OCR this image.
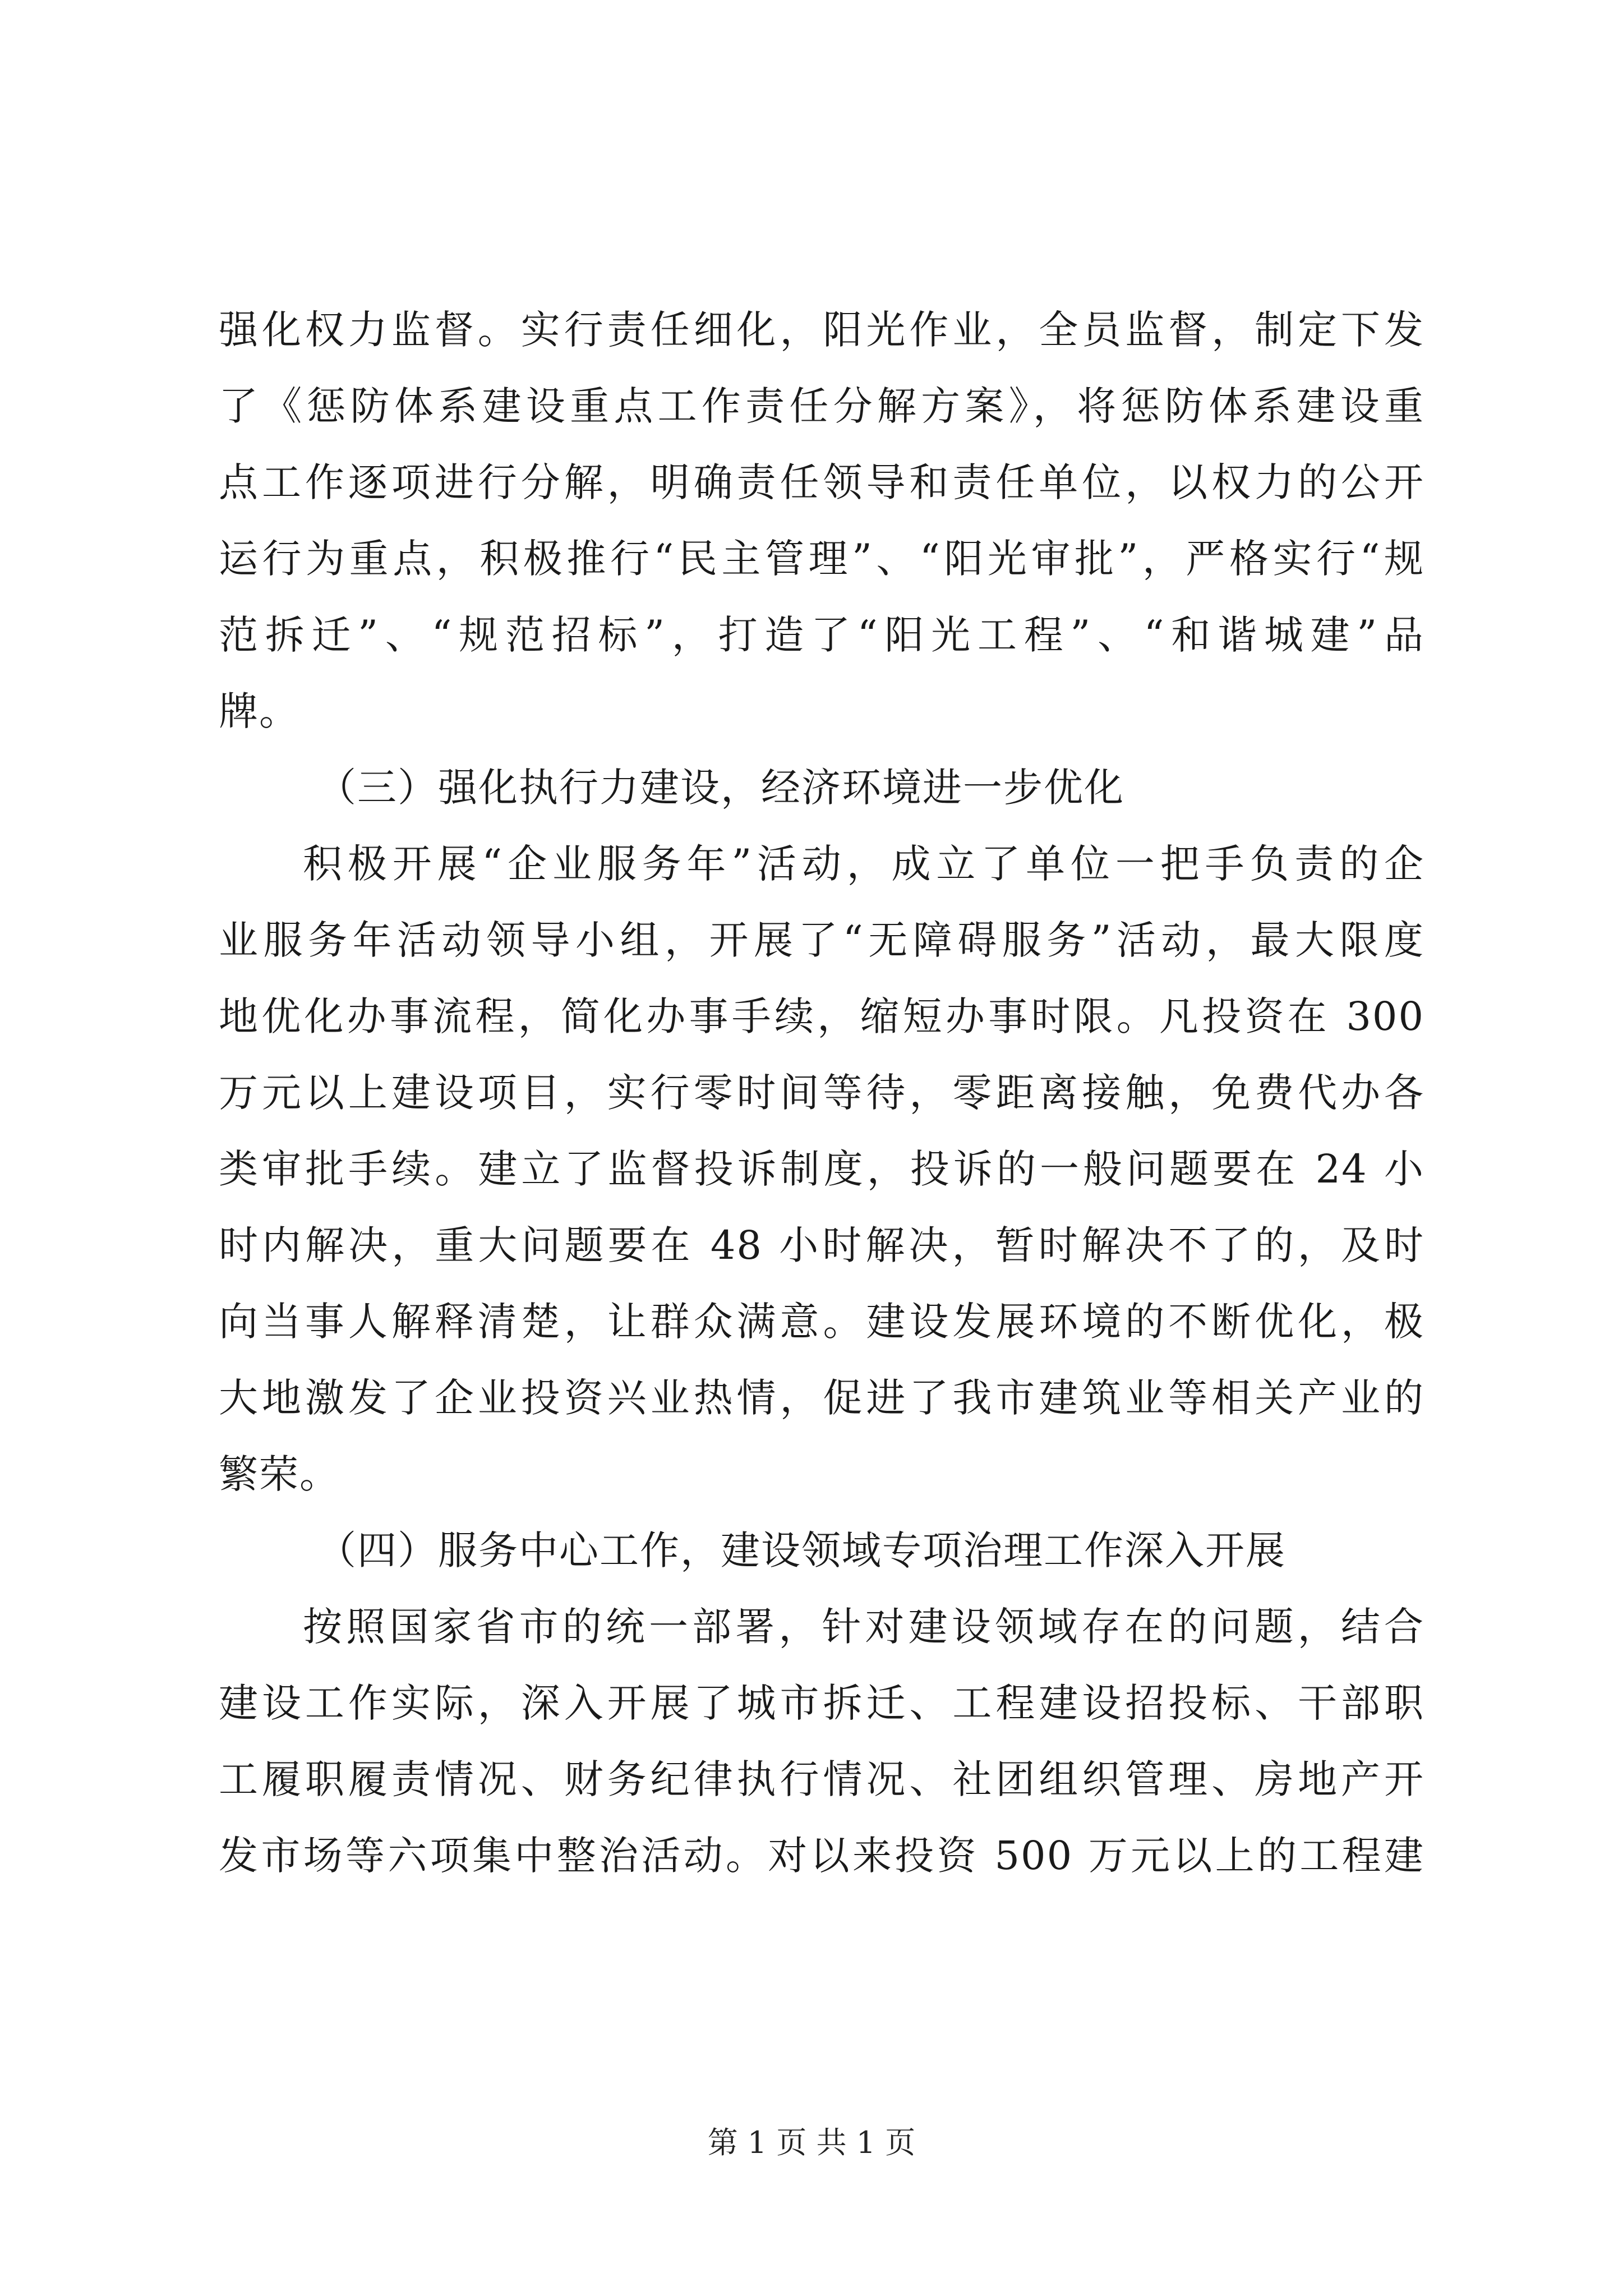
强化权力监督。实行责任细化，阳光作业，全员监督，制定下发
了《惩防体系建设重点工作责任分解方案》，将惩防体系建设重
点工作逐项进行分解，明确责任领导和责任单位，以权力的公开
运行为重点，积极推行“民主管理”、“阳光审批”，严格实行“规
范拆迁”、“规范招标”，打造了“阳光工程”、“和谐城建”品
牌。
（三）强化执行力建设，经济环境进一步优化
积极开展“企业服务年”活动，成立了单位一把手负责的企
业服务年活动领导小组，开展了“无障碍服务”活动，最大限度
地优化办事流程，简化办事手续，缩短办事时限。凡投资在 300
万元以上建设项目，实行零时间等待，零距离接触，免费代办各
类审批手续。建立了监督投诉制度，投诉的一般问题要在 24 小
时内解决，重大问题要在 48 小时解决，暂时解决不了的，及时
向当事人解释清楚，让群众满意。建设发展环境的不断优化，极
大地激发了企业投资兴业热情，促进了我市建筑业等相关产业的
繁荣。
（四）服务中心工作，建设领域专项治理工作深入开展
按照国家省市的统一部署，针对建设领域存在的问题，结合
建设工作实际，深入开展了城市拆迁、工程建设招投标、干部职
工履职履责情况、财务纪律执行情况、社团组织管理、房地产开
发市场等六项集中整治活动。对以来投资 500 万元以上的工程建
第 1 页 共 1 页
